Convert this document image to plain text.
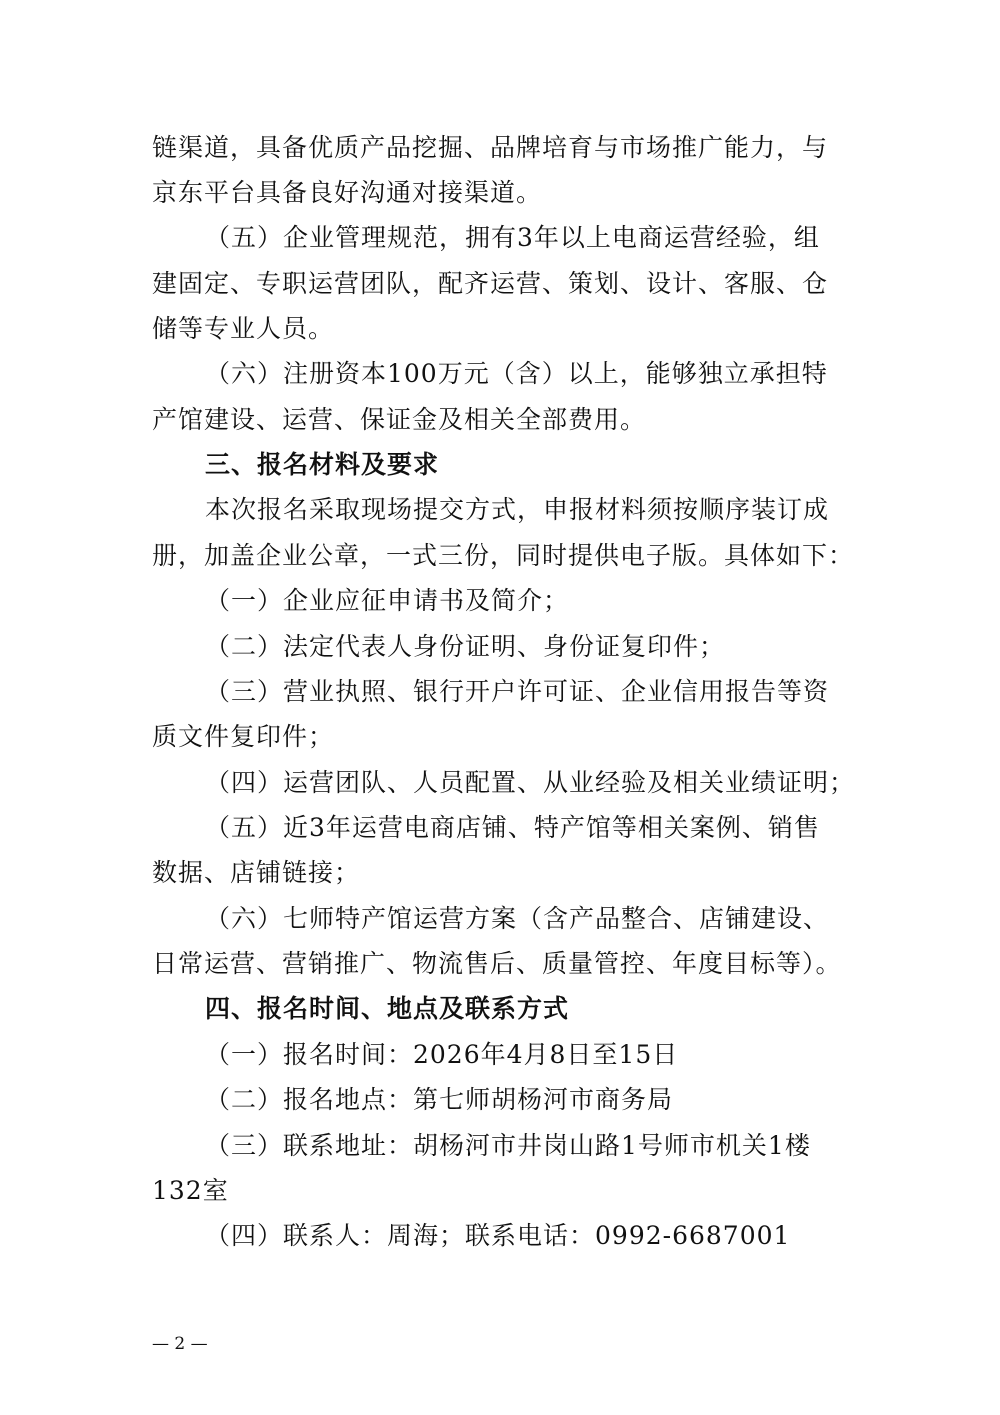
链渠道，具备优质产品挖掘、品牌培育与市场推广能力，与
京东平台具备良好沟通对接渠道。
（五）企业管理规范，拥有3年以上电商运营经验，组
建固定、专职运营团队，配齐运营、策划、设计、客服、仓
储等专业人员。
（六）注册资本100万元（含）以上，能够独立承担特
产馆建设、运营、保证金及相关全部费用。
三、报名材料及要求
本次报名采取现场提交方式，申报材料须按顺序装订成
册，加盖企业公章，一式三份，同时提供电子版。具体如下：
（一）企业应征申请书及简介；
（二）法定代表人身份证明、身份证复印件；
（三）营业执照、银行开户许可证、企业信用报告等资
质文件复印件；
（四）运营团队、人员配置、从业经验及相关业绩证明；
（五）近3年运营电商店铺、特产馆等相关案例、销售
数据、店铺链接；
（六）七师特产馆运营方案（含产品整合、店铺建设、
日常运营、营销推广、物流售后、质量管控、年度目标等）。
四、报名时间、地点及联系方式
（一）报名时间：2026年4月8日至15日
（二）报名地点：第七师胡杨河市商务局
（三）联系地址：胡杨河市井岗山路1号师市机关1楼
132室
（四）联系人：周海；联系电话：0992-6687001
— 2 —
